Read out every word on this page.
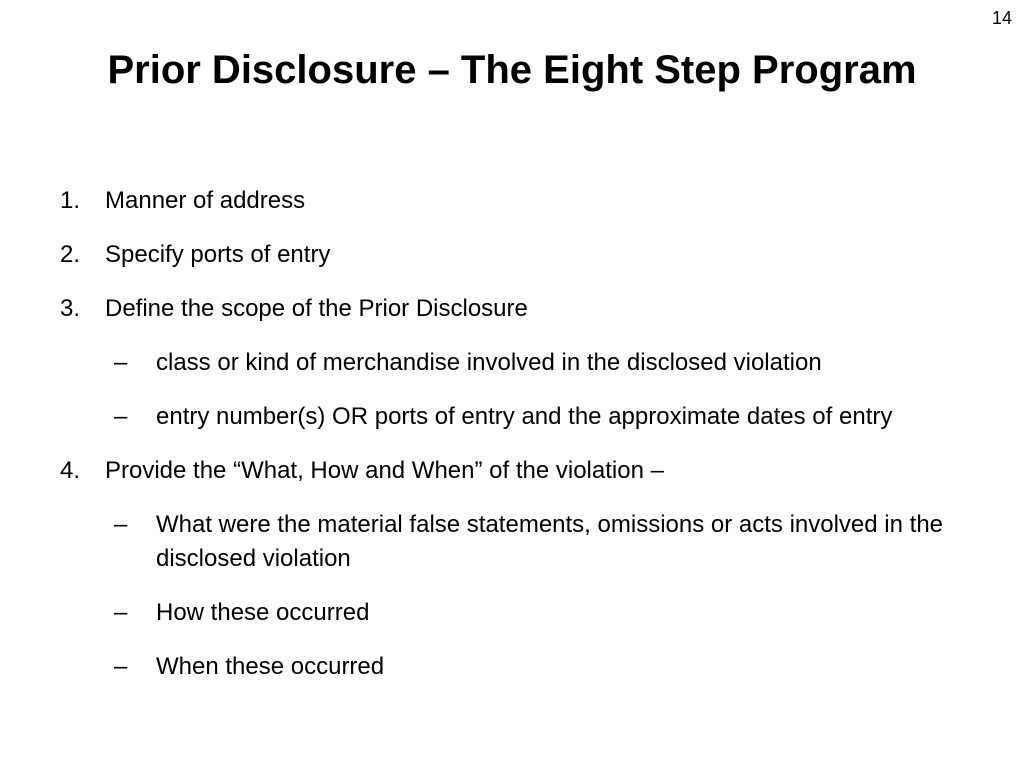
14
Prior Disclosure – The Eight Step Program
1. Manner of address
2. Specify ports of entry
3. Define the scope of the Prior Disclosure
– class or kind of merchandise involved in the disclosed violation
– entry number(s) OR ports of entry and the approximate dates of entry
4. Provide the “What, How and When” of the violation –
– What were the material false statements, omissions or acts involved in the disclosed violation
– How these occurred
– When these occurred
